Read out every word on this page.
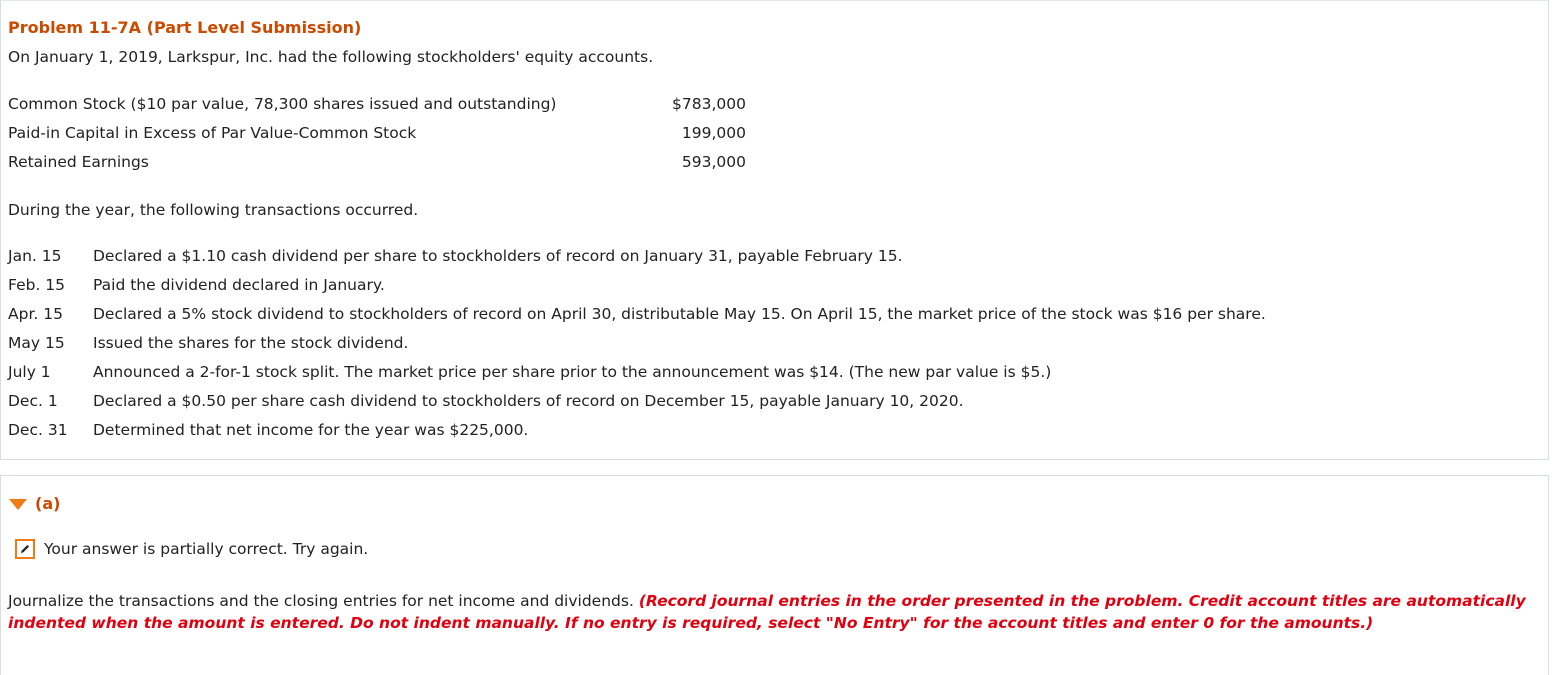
Problem 11-7A (Part Level Submission)
On January 1, 2019, Larkspur, Inc. had the following stockholders' equity accounts.
Common Stock ($10 par value, 78,300 shares issued and outstanding)	$783,000
Paid-in Capital in Excess of Par Value-Common Stock	199,000
Retained Earnings	593,000
During the year, the following transactions occurred.
Jan. 15	Declared a $1.10 cash dividend per share to stockholders of record on January 31, payable February 15.
Feb. 15	Paid the dividend declared in January.
Apr. 15	Declared a 5% stock dividend to stockholders of record on April 30, distributable May 15. On April 15, the market price of the stock was $16 per share.
May 15	Issued the shares for the stock dividend.
July 1	Announced a 2-for-1 stock split. The market price per share prior to the announcement was $14. (The new par value is $5.)
Dec. 1	Declared a $0.50 per share cash dividend to stockholders of record on December 15, payable January 10, 2020.
Dec. 31	Determined that net income for the year was $225,000.
(a)
Your answer is partially correct. Try again.
Journalize the transactions and the closing entries for net income and dividends. (Record journal entries in the order presented in the problem. Credit account titles are automatically indented when the amount is entered. Do not indent manually. If no entry is required, select "No Entry" for the account titles and enter 0 for the amounts.)
